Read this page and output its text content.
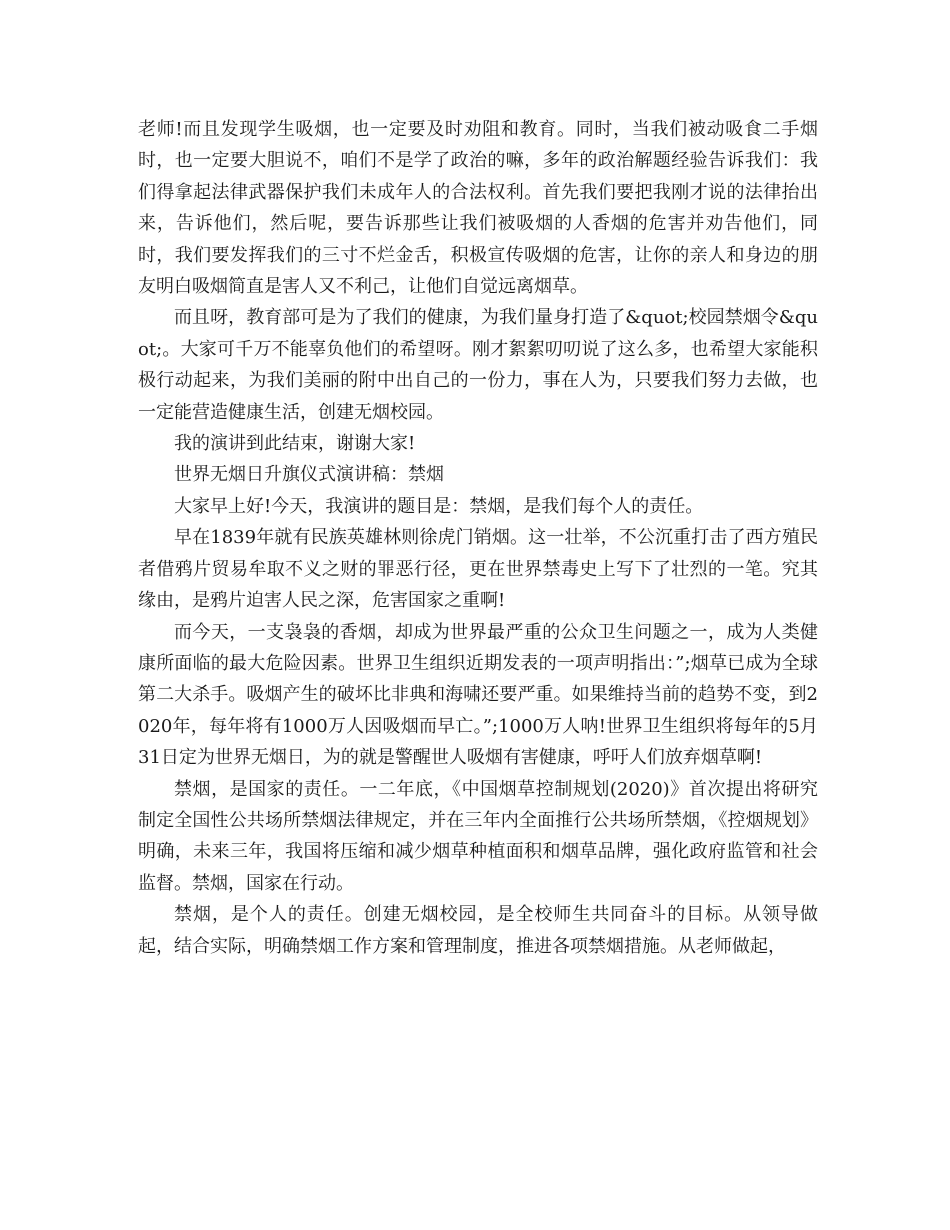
老师!而且发现学生吸烟，也一定要及时劝阻和教育。同时，当我们被动吸食二手烟时，也一定要大胆说不，咱们不是学了政治的嘛，多年的政治解题经验告诉我们：我们得拿起法律武器保护我们未成年人的合法权利。首先我们要把我刚才说的法律抬出来，告诉他们，然后呢，要告诉那些让我们被吸烟的人香烟的危害并劝告他们，同时，我们要发挥我们的三寸不烂金舌，积极宣传吸烟的危害，让你的亲人和身边的朋友明白吸烟简直是害人又不利己，让他们自觉远离烟草。

而且呀，教育部可是为了我们的健康，为我们量身打造了&quot;校园禁烟令&quot;。大家可千万不能辜负他们的希望呀。刚才絮絮叨叨说了这么多，也希望大家能积极行动起来，为我们美丽的附中出自己的一份力，事在人为，只要我们努力去做，也一定能营造健康生活，创建无烟校园。

我的演讲到此结束，谢谢大家!

世界无烟日升旗仪式演讲稿：禁烟

大家早上好!今天，我演讲的题目是：禁烟，是我们每个人的责任。

早在1839年就有民族英雄林则徐虎门销烟。这一壮举，不公沉重打击了西方殖民者借鸦片贸易牟取不义之财的罪恶行径，更在世界禁毒史上写下了壮烈的一笔。究其缘由，是鸦片迫害人民之深，危害国家之重啊!

而今天，一支袅袅的香烟，却成为世界最严重的公众卫生问题之一，成为人类健康所面临的最大危险因素。世界卫生组织近期发表的一项声明指出：”;烟草已成为全球第二大杀手。吸烟产生的破坏比非典和海啸还要严重。如果维持当前的趋势不变，到2020年，每年将有1000万人因吸烟而早亡。”;1000万人呐!世界卫生组织将每年的5月31日定为世界无烟日，为的就是警醒世人吸烟有害健康，呼吁人们放弃烟草啊!

禁烟，是国家的责任。一二年底，《中国烟草控制规划(2020)》首次提出将研究制定全国性公共场所禁烟法律规定，并在三年内全面推行公共场所禁烟，《控烟规划》明确，未来三年，我国将压缩和减少烟草种植面积和烟草品牌，强化政府监管和社会监督。禁烟，国家在行动。

禁烟，是个人的责任。创建无烟校园，是全校师生共同奋斗的目标。从领导做起，结合实际，明确禁烟工作方案和管理制度，推进各项禁烟措施。从老师做起，
